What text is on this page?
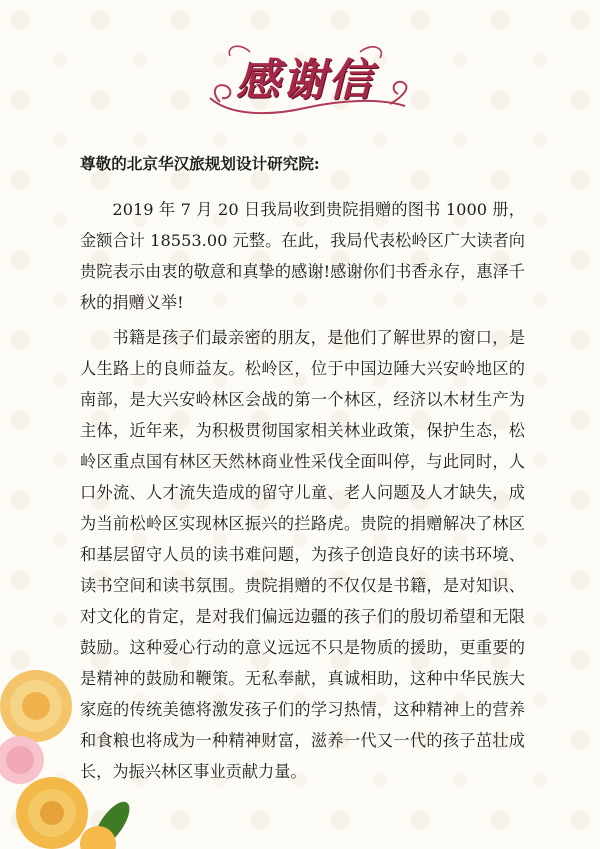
感谢信

尊敬的北京华汉旅规划设计研究院:

2019 年 7 月 20 日我局收到贵院捐赠的图书 1000 册，金额合计 18553.00 元整。在此，我局代表松岭区广大读者向贵院表示由衷的敬意和真挚的感谢!感谢你们书香永存，惠泽千秋的捐赠义举!

书籍是孩子们最亲密的朋友，是他们了解世界的窗口，是人生路上的良师益友。松岭区，位于中国边陲大兴安岭地区的南部，是大兴安岭林区会战的第一个林区，经济以木材生产为主体，近年来，为积极贯彻国家相关林业政策，保护生态，松岭区重点国有林区天然林商业性采伐全面叫停，与此同时，人口外流、人才流失造成的留守儿童、老人问题及人才缺失，成为当前松岭区实现林区振兴的拦路虎。贵院的捐赠解决了林区和基层留守人员的读书难问题，为孩子创造良好的读书环境、读书空间和读书氛围。贵院捐赠的不仅仅是书籍，是对知识、对文化的肯定，是对我们偏远边疆的孩子们的殷切希望和无限鼓励。这种爱心行动的意义远远不只是物质的援助，更重要的是精神的鼓励和鞭策。无私奉献，真诚相助，这种中华民族大家庭的传统美德将激发孩子们的学习热情，这种精神上的营养和食粮也将成为一种精神财富，滋养一代又一代的孩子茁壮成长，为振兴林区事业贡献力量。
